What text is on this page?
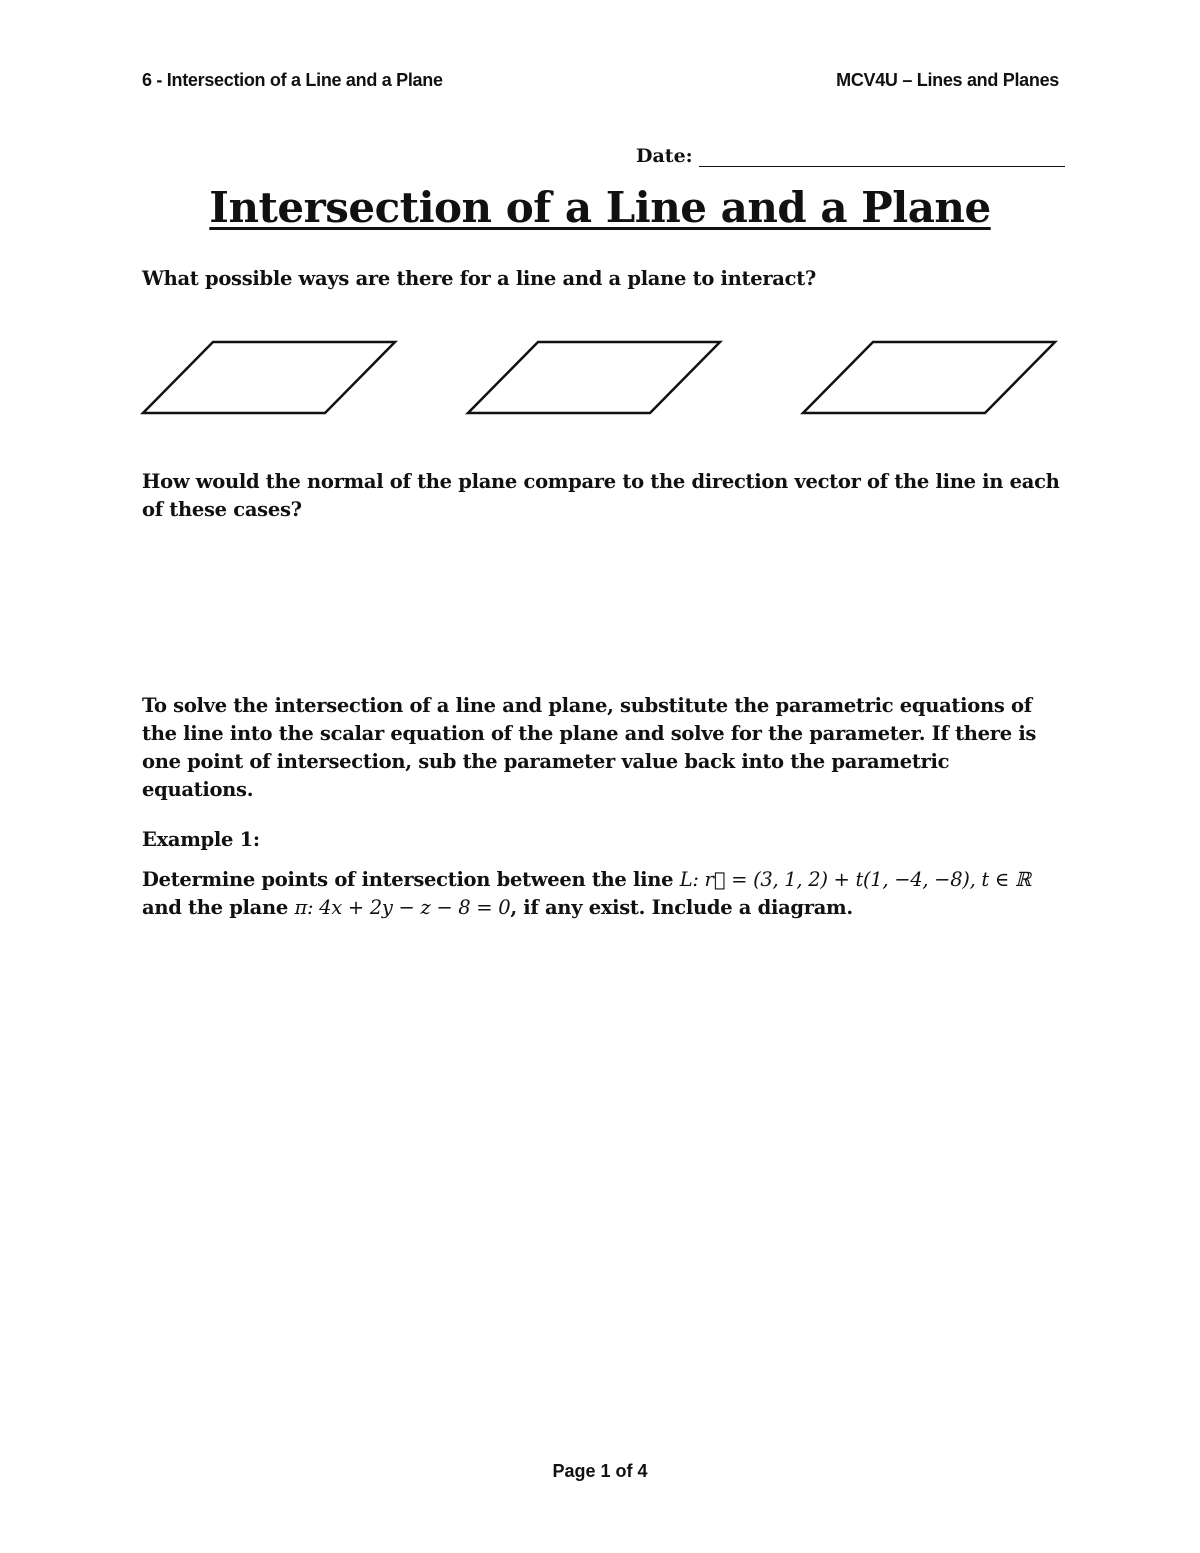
6 - Intersection of a Line and a Plane	MCV4U – Lines and Planes
Date:
Intersection of a Line and a Plane
What possible ways are there for a line and a plane to interact?
How would the normal of the plane compare to the direction vector of the line in each of these cases?
To solve the intersection of a line and plane, substitute the parametric equations of the line into the scalar equation of the plane and solve for the parameter. If there is one point of intersection, sub the parameter value back into the parametric equations.
Example 1:
Determine points of intersection between the line L: r⃗ = (3, 1, 2) + t(1, −4, −8), t ∈ ℝ and the plane π: 4x + 2y − z − 8 = 0, if any exist. Include a diagram.
Page 1 of 4
